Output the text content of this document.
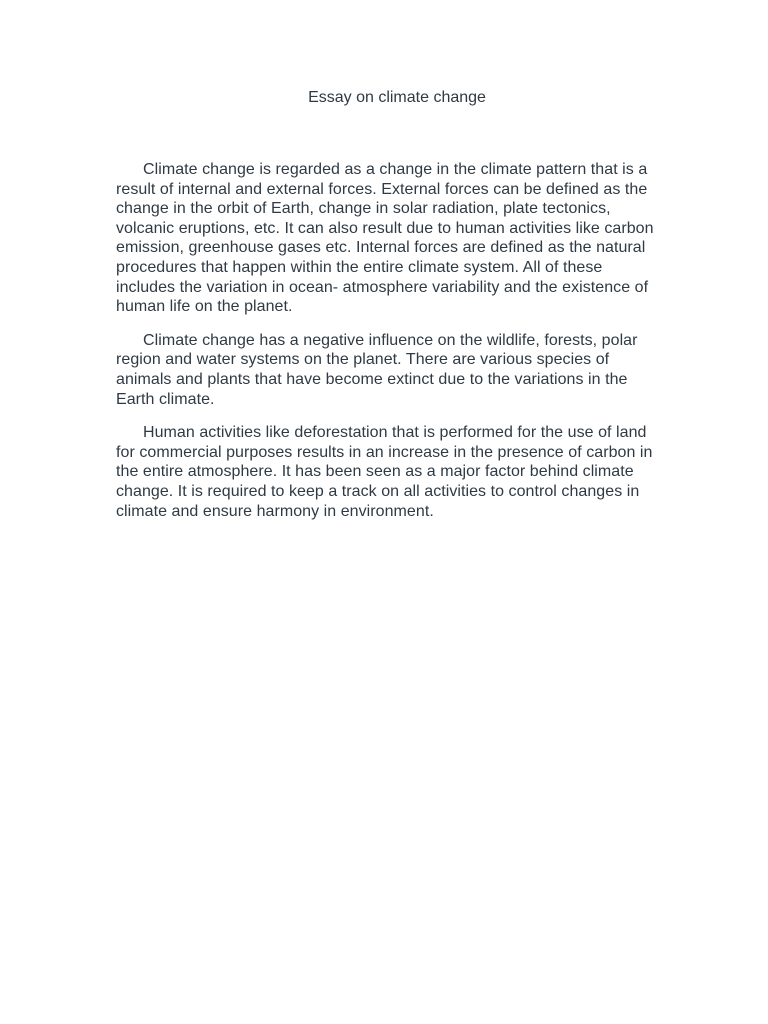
Essay on climate change

Climate change is regarded as a change in the climate pattern that is a result of internal and external forces. External forces can be defined as the change in the orbit of Earth, change in solar radiation, plate tectonics, volcanic eruptions, etc. It can also result due to human activities like carbon emission, greenhouse gases etc. Internal forces are defined as the natural procedures that happen within the entire climate system. All of these includes the variation in ocean- atmosphere variability and the existence of human life on the planet.

Climate change has a negative influence on the wildlife, forests, polar region and water systems on the planet. There are various species of animals and plants that have become extinct due to the variations in the Earth climate.

Human activities like deforestation that is performed for the use of land for commercial purposes results in an increase in the presence of carbon in the entire atmosphere. It has been seen as a major factor behind climate change. It is required to keep a track on all activities to control changes in climate and ensure harmony in environment.
